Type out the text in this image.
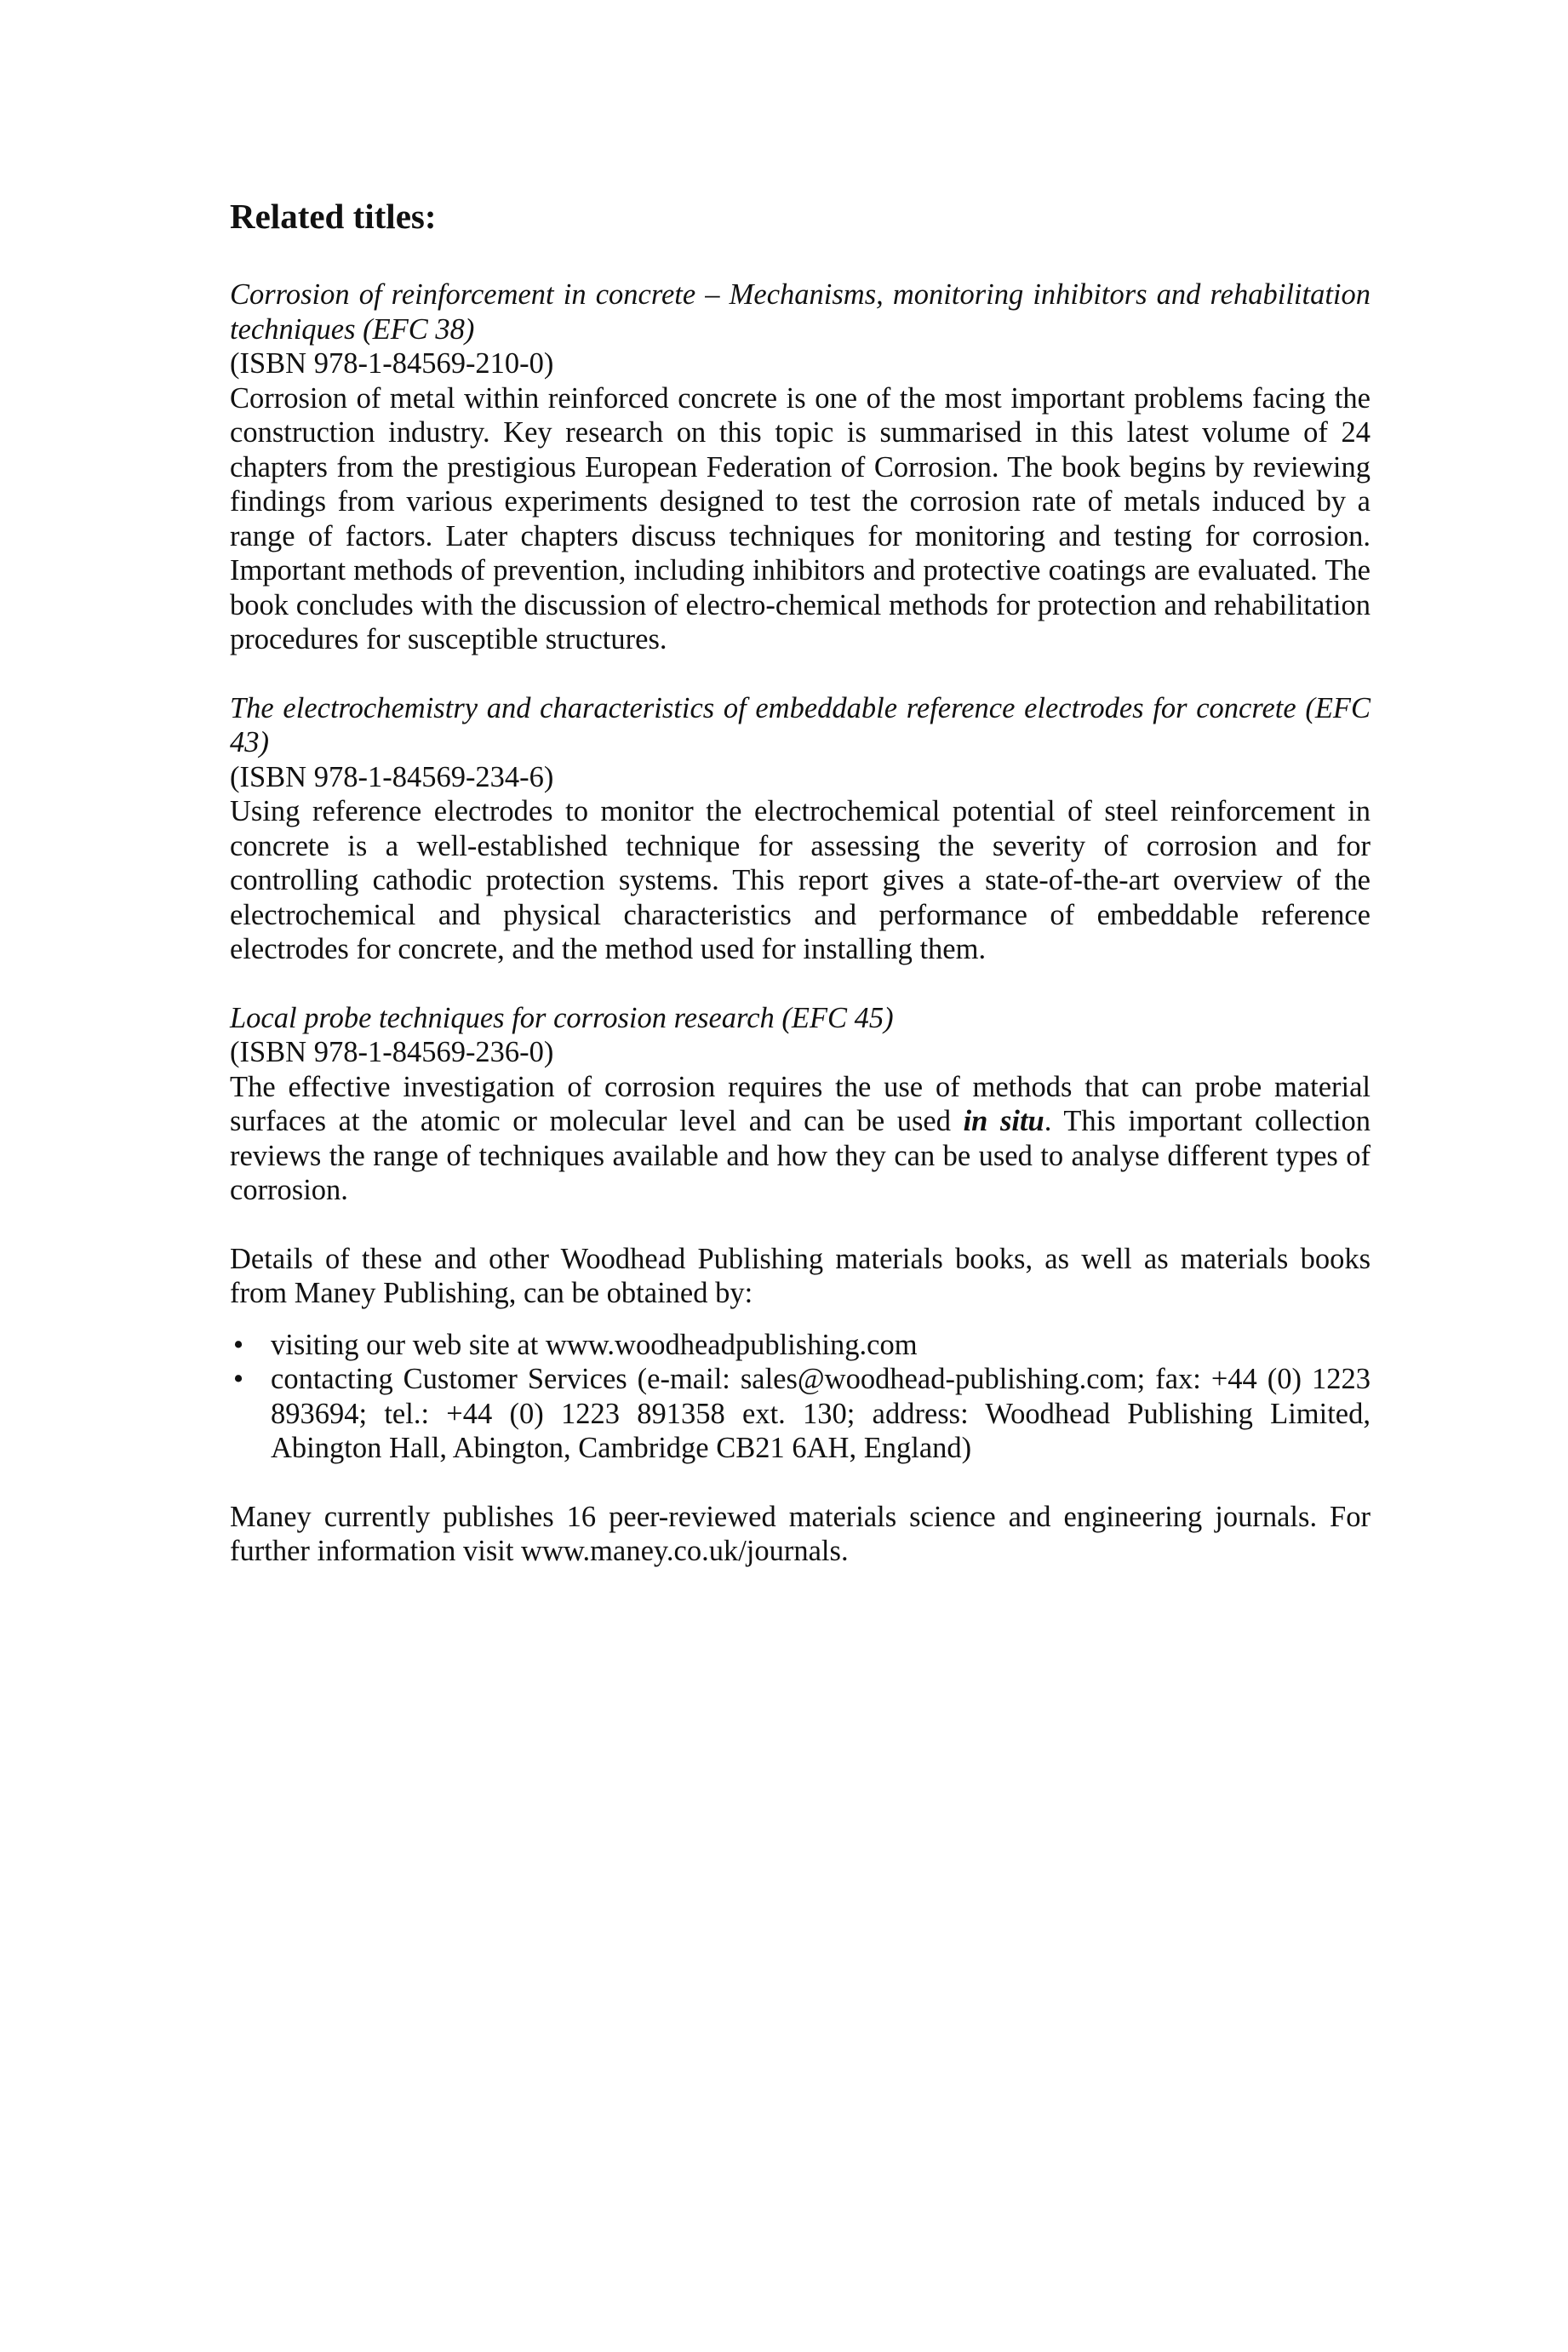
Related titles:
Corrosion of reinforcement in concrete – Mechanisms, monitoring inhibitors and rehabilitation techniques (EFC 38)
(ISBN 978-1-84569-210-0)
Corrosion of metal within reinforced concrete is one of the most important problems facing the construction industry. Key research on this topic is summarised in this latest volume of 24 chapters from the prestigious European Federation of Corrosion. The book begins by reviewing findings from various experiments designed to test the corrosion rate of metals induced by a range of factors. Later chapters discuss techniques for monitoring and testing for corrosion. Important methods of prevention, including inhibitors and protective coatings are evaluated. The book concludes with the discussion of electro-chemical methods for protection and rehabilitation procedures for susceptible structures.
The electrochemistry and characteristics of embeddable reference electrodes for concrete (EFC 43)
(ISBN 978-1-84569-234-6)
Using reference electrodes to monitor the electrochemical potential of steel reinforcement in concrete is a well-established technique for assessing the severity of corrosion and for controlling cathodic protection systems. This report gives a state-of-the-art overview of the electrochemical and physical characteristics and performance of embeddable reference electrodes for concrete, and the method used for installing them.
Local probe techniques for corrosion research (EFC 45)
(ISBN 978-1-84569-236-0)
The effective investigation of corrosion requires the use of methods that can probe material surfaces at the atomic or molecular level and can be used in situ. This important collection reviews the range of techniques available and how they can be used to analyse different types of corrosion.
Details of these and other Woodhead Publishing materials books, as well as materials books from Maney Publishing, can be obtained by:
• visiting our web site at www.woodheadpublishing.com
• contacting Customer Services (e-mail: sales@woodhead-publishing.com; fax: +44 (0) 1223 893694; tel.: +44 (0) 1223 891358 ext. 130; address: Woodhead Publishing Limited, Abington Hall, Abington, Cambridge CB21 6AH, England)
Maney currently publishes 16 peer-reviewed materials science and engineering journals. For further information visit www.maney.co.uk/journals.
